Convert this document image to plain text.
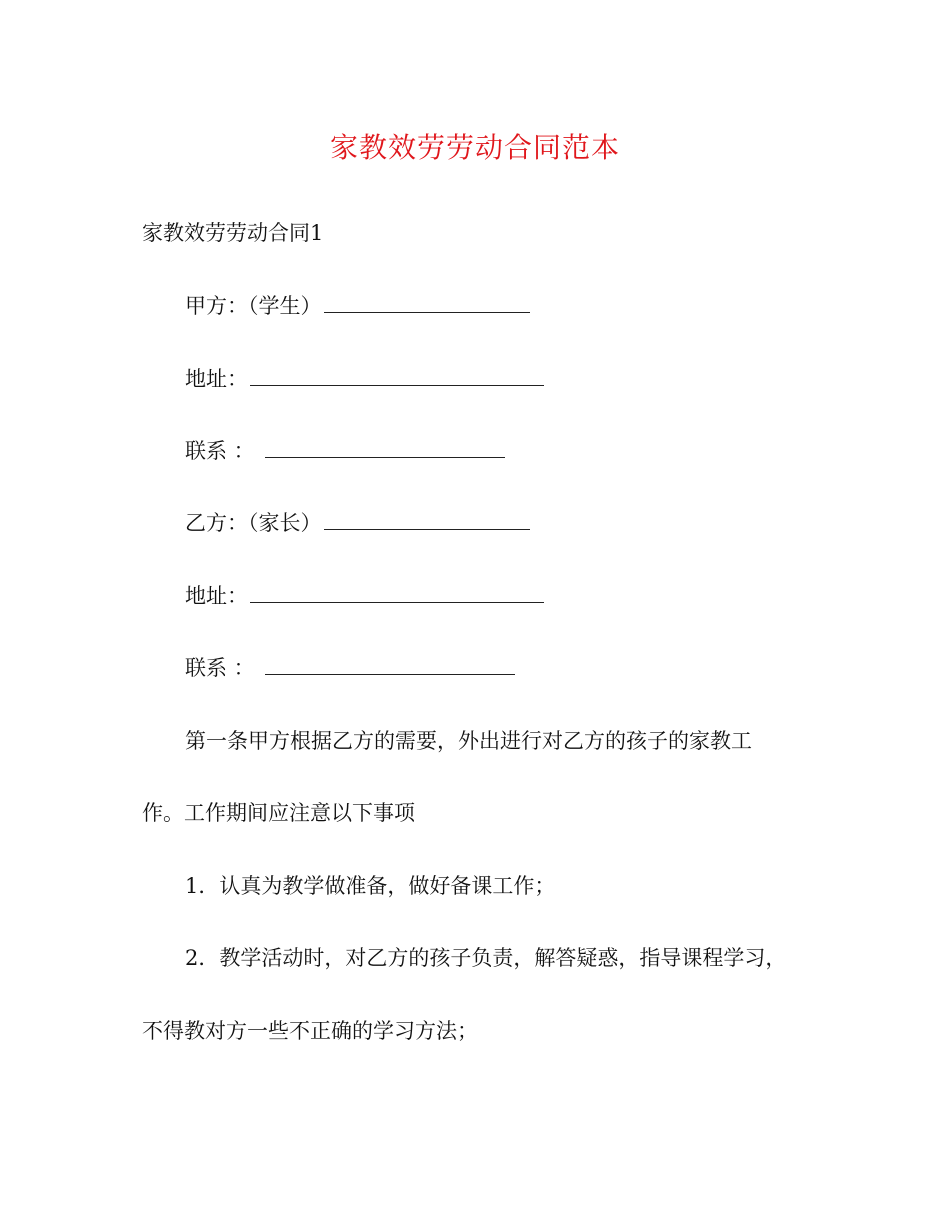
家教效劳劳动合同范本
家教效劳劳动合同1
甲方：（学生）
地址：
联系 ：
乙方：（家长）
地址：
联系 ：
第一条甲方根据乙方的需要，外出进行对乙方的孩子的家教工
作。工作期间应注意以下事项
1．认真为教学做准备，做好备课工作；
2．教学活动时，对乙方的孩子负责，解答疑惑，指导课程学习，
不得教对方一些不正确的学习方法；
